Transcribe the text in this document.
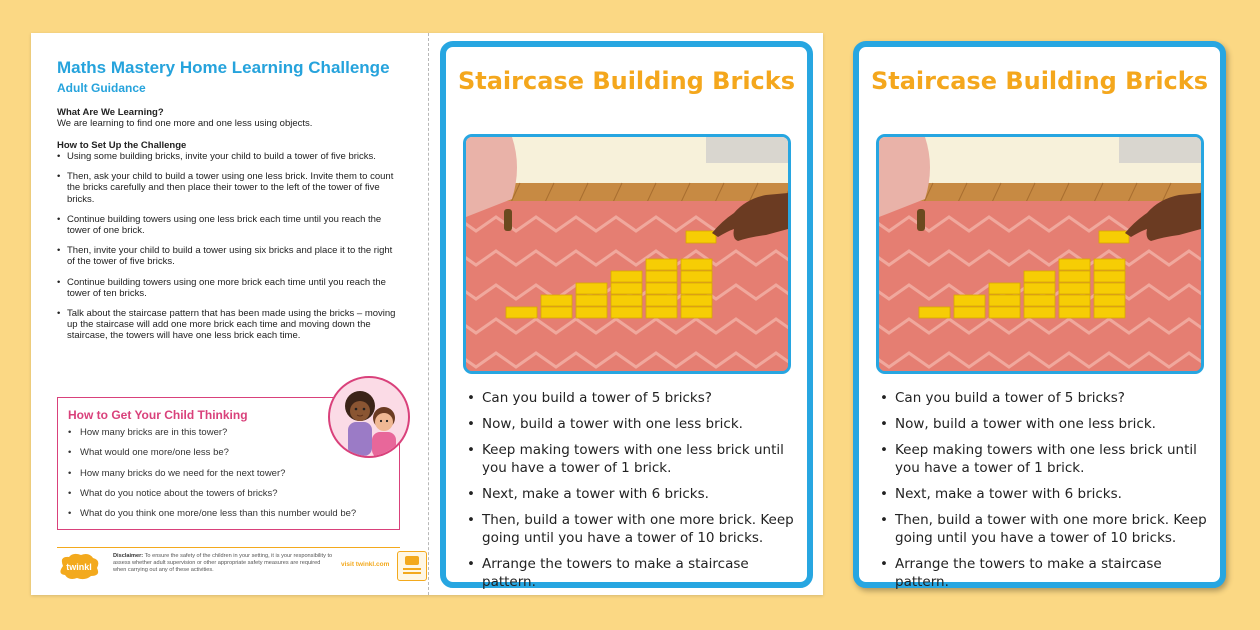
Maths Mastery Home Learning Challenge
Adult Guidance
What Are We Learning?
We are learning to find one more and one less using objects.
How to Set Up the Challenge
• Using some building bricks, invite your child to build a tower of five bricks.
• Then, ask your child to build a tower using one less brick. Invite them to count the bricks carefully and then place their tower to the left of the tower of five bricks.
• Continue building towers using one less brick each time until you reach the tower of one brick.
• Then, invite your child to build a tower using six bricks and place it to the right of the tower of five bricks.
• Continue building towers using one more brick each time until you reach the tower of ten bricks.
• Talk about the staircase pattern that has been made using the bricks – moving up the staircase will add one more brick each time and moving down the staircase, the towers will have one less brick each time.
How to Get Your Child Thinking
• How many bricks are in this tower?
• What would one more/one less be?
• How many bricks do we need for the next tower?
• What do you notice about the towers of bricks?
• What do you think one more/one less than this number would be?
twinkl
Disclaimer: To ensure the safety of the children in your setting, it is your responsibility to assess whether adult supervision or other appropriate safety measures are required when carrying out any of these activities.
visit twinkl.com
Staircase Building Bricks
• Can you build a tower of 5 bricks?
• Now, build a tower with one less brick.
• Keep making towers with one less brick until you have a tower of 1 brick.
• Next, make a tower with 6 bricks.
• Then, build a tower with one more brick. Keep going until you have a tower of 10 bricks.
• Arrange the towers to make a staircase pattern.
Staircase Building Bricks
• Can you build a tower of 5 bricks?
• Now, build a tower with one less brick.
• Keep making towers with one less brick until you have a tower of 1 brick.
• Next, make a tower with 6 bricks.
• Then, build a tower with one more brick. Keep going until you have a tower of 10 bricks.
• Arrange the towers to make a staircase pattern.
